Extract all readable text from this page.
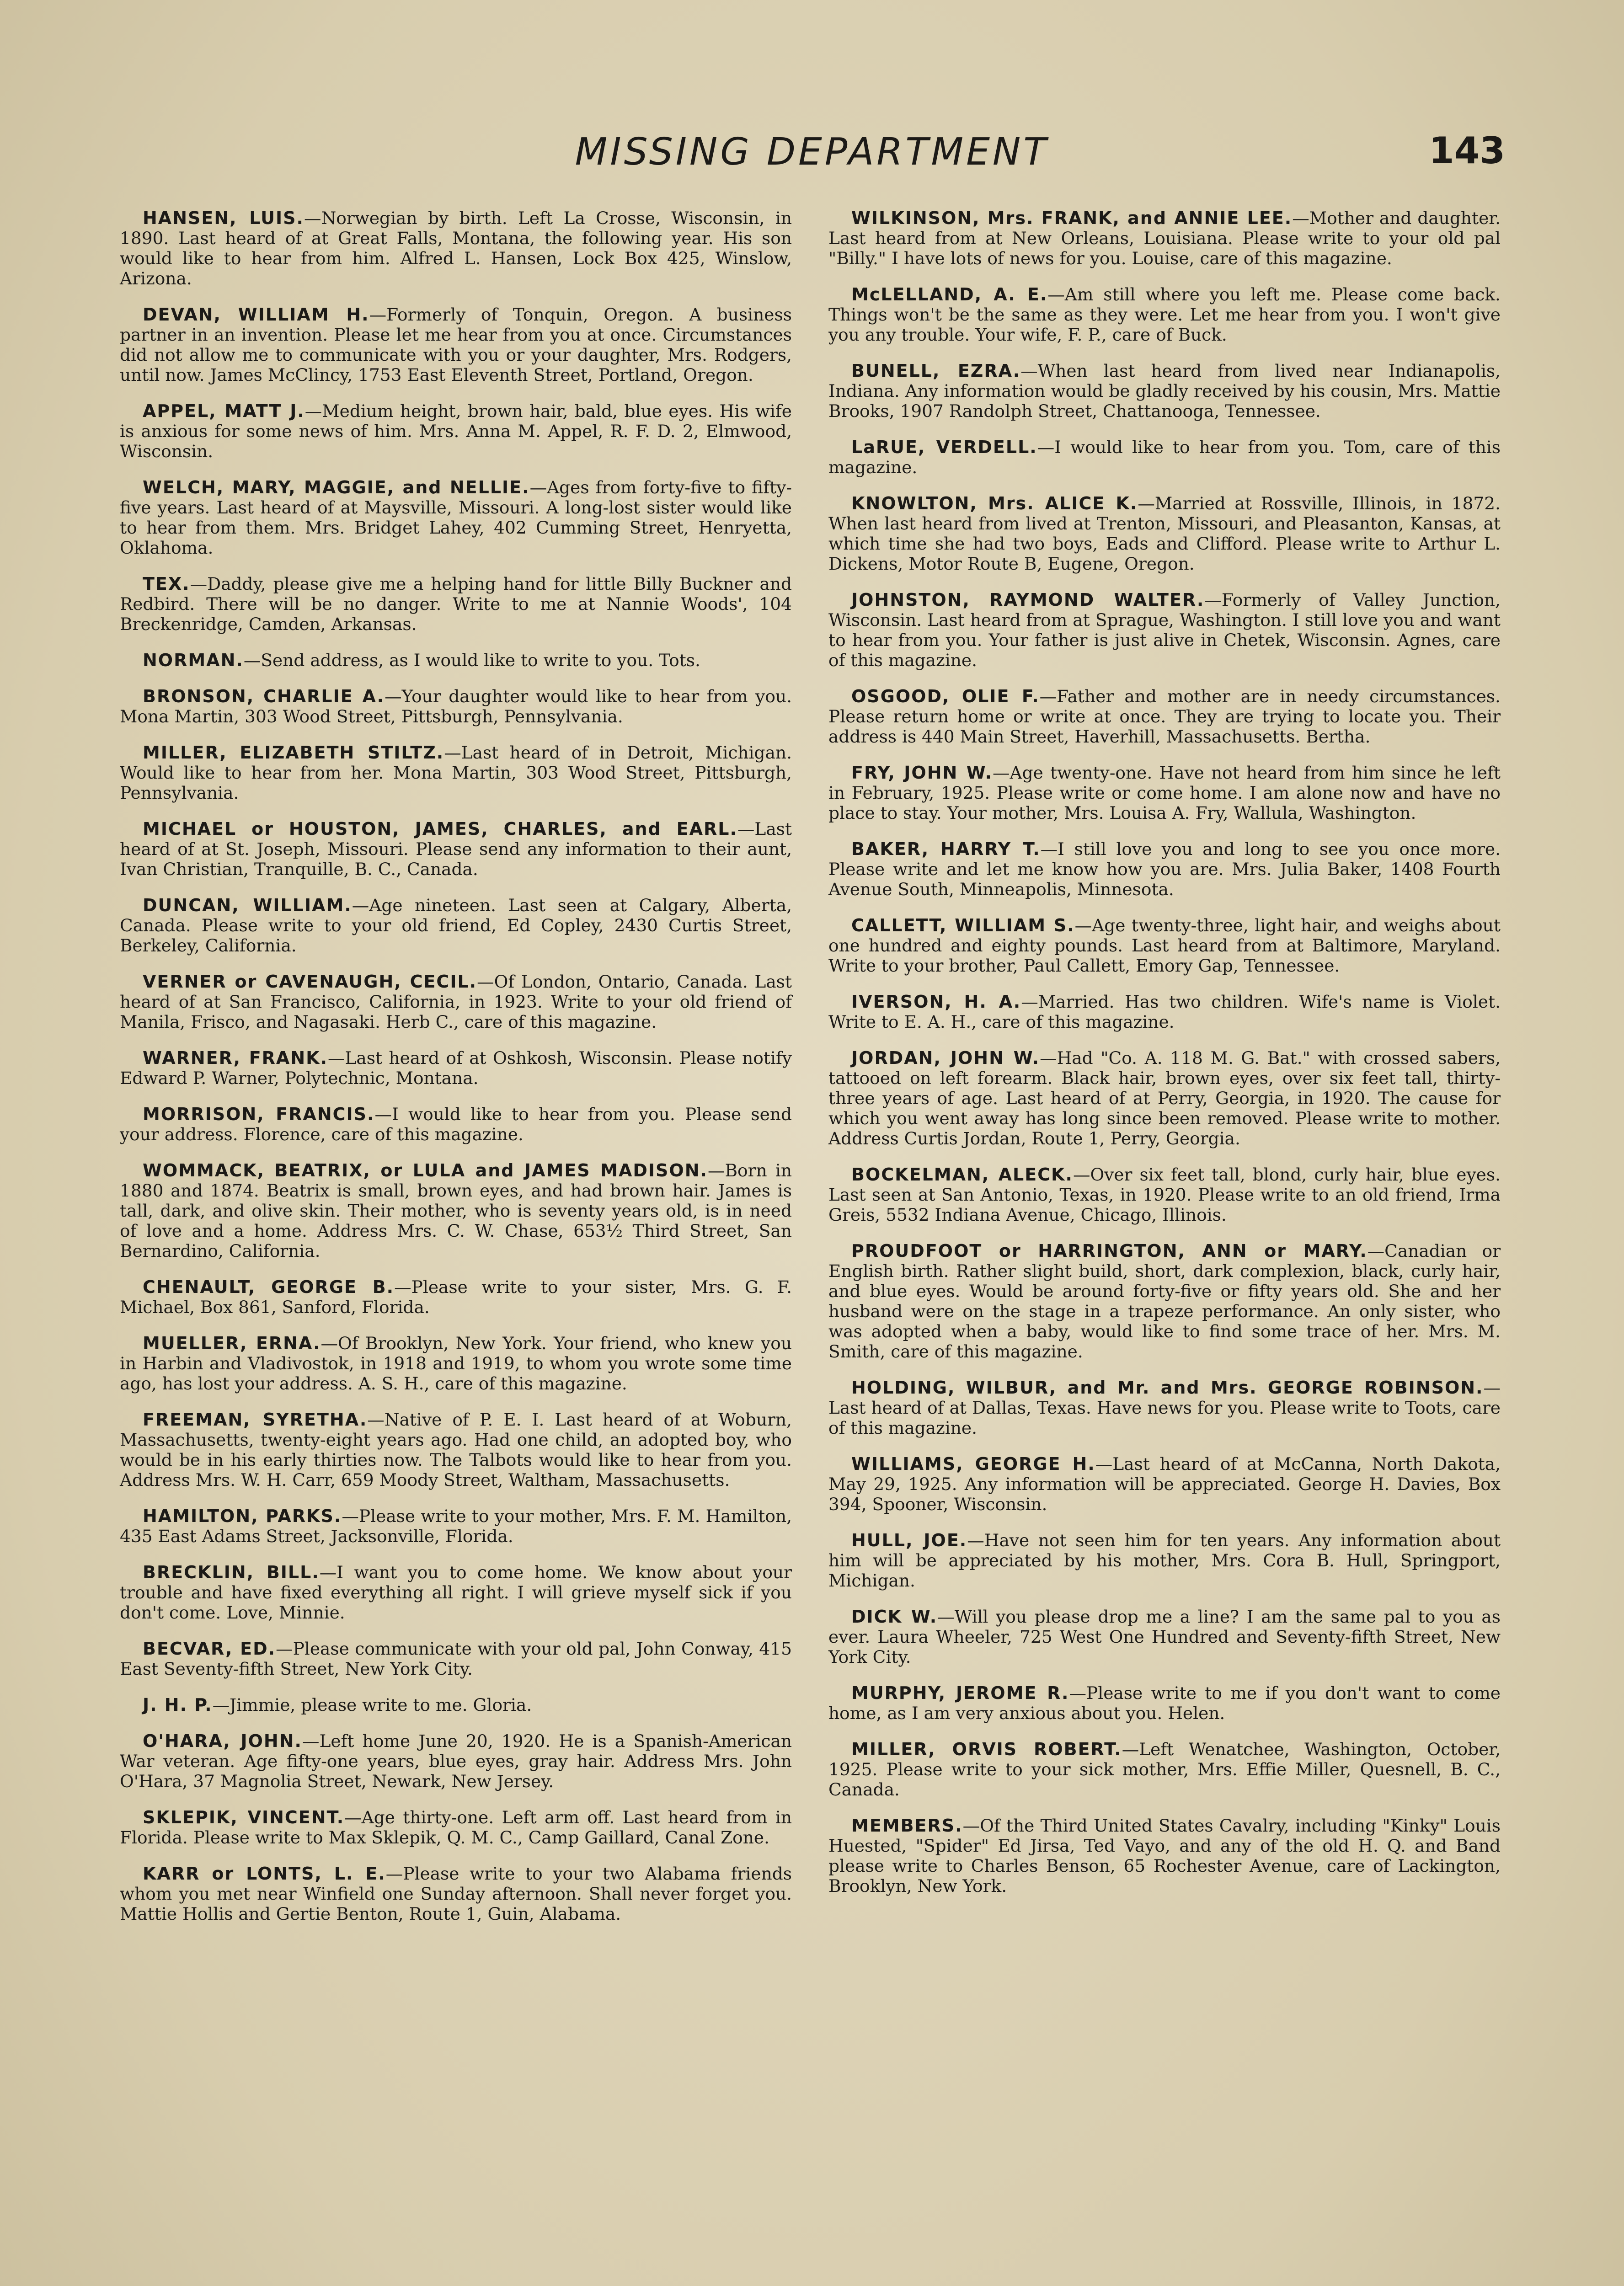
MISSING DEPARTMENT	143

HANSEN, LUIS.—Norwegian by birth. Left La Crosse, Wisconsin, in 1890. Last heard of at Great Falls, Montana, the following year. His son would like to hear from him. Alfred L. Hansen, Lock Box 425, Winslow, Arizona.

DEVAN, WILLIAM H.—Formerly of Tonquin, Oregon. A business partner in an invention. Please let me hear from you at once. Circumstances did not allow me to communicate with you or your daughter, Mrs. Rodgers, until now. James McClincy, 1753 East Eleventh Street, Portland, Oregon.

APPEL, MATT J.—Medium height, brown hair, bald, blue eyes. His wife is anxious for some news of him. Mrs. Anna M. Appel, R. F. D. 2, Elmwood, Wisconsin.

WELCH, MARY, MAGGIE, and NELLIE.—Ages from forty-five to fifty-five years. Last heard of at Maysville, Missouri. A long-lost sister would like to hear from them. Mrs. Bridget Lahey, 402 Cumming Street, Henryetta, Oklahoma.

TEX.—Daddy, please give me a helping hand for little Billy Buckner and Redbird. There will be no danger. Write to me at Nannie Woods', 104 Breckenridge, Camden, Arkansas.

NORMAN.—Send address, as I would like to write to you. Tots.

BRONSON, CHARLIE A.—Your daughter would like to hear from you. Mona Martin, 303 Wood Street, Pittsburgh, Pennsylvania.

MILLER, ELIZABETH STILTZ.—Last heard of in Detroit, Michigan. Would like to hear from her. Mona Martin, 303 Wood Street, Pittsburgh, Pennsylvania.

MICHAEL or HOUSTON, JAMES, CHARLES, and EARL.—Last heard of at St. Joseph, Missouri. Please send any information to their aunt, Ivan Christian, Tranquille, B. C., Canada.

DUNCAN, WILLIAM.—Age nineteen. Last seen at Calgary, Alberta, Canada. Please write to your old friend, Ed Copley, 2430 Curtis Street, Berkeley, California.

VERNER or CAVENAUGH, CECIL.—Of London, Ontario, Canada. Last heard of at San Francisco, California, in 1923. Write to your old friend of Manila, Frisco, and Nagasaki. Herb C., care of this magazine.

WARNER, FRANK.—Last heard of at Oshkosh, Wisconsin. Please notify Edward P. Warner, Polytechnic, Montana.

MORRISON, FRANCIS.—I would like to hear from you. Please send your address. Florence, care of this magazine.

WOMMACK, BEATRIX, or LULA and JAMES MADISON.—Born in 1880 and 1874. Beatrix is small, brown eyes, and had brown hair. James is tall, dark, and olive skin. Their mother, who is seventy years old, is in need of love and a home. Address Mrs. C. W. Chase, 653½ Third Street, San Bernardino, California.

CHENAULT, GEORGE B.—Please write to your sister, Mrs. G. F. Michael, Box 861, Sanford, Florida.

MUELLER, ERNA.—Of Brooklyn, New York. Your friend, who knew you in Harbin and Vladivostok, in 1918 and 1919, to whom you wrote some time ago, has lost your address. A. S. H., care of this magazine.

FREEMAN, SYRETHA.—Native of P. E. I. Last heard of at Woburn, Massachusetts, twenty-eight years ago. Had one child, an adopted boy, who would be in his early thirties now. The Talbots would like to hear from you. Address Mrs. W. H. Carr, 659 Moody Street, Waltham, Massachusetts.

HAMILTON, PARKS.—Please write to your mother, Mrs. F. M. Hamilton, 435 East Adams Street, Jacksonville, Florida.

BRECKLIN, BILL.—I want you to come home. We know about your trouble and have fixed everything all right. I will grieve myself sick if you don't come. Love, Minnie.

BECVAR, ED.—Please communicate with your old pal, John Conway, 415 East Seventy-fifth Street, New York City.

J. H. P.—Jimmie, please write to me. Gloria.

O'HARA, JOHN.—Left home June 20, 1920. He is a Spanish-American War veteran. Age fifty-one years, blue eyes, gray hair. Address Mrs. John O'Hara, 37 Magnolia Street, Newark, New Jersey.

SKLEPIK, VINCENT.—Age thirty-one. Left arm off. Last heard from in Florida. Please write to Max Sklepik, Q. M. C., Camp Gaillard, Canal Zone.

KARR or LONTS, L. E.—Please write to your two Alabama friends whom you met near Winfield one Sunday afternoon. Shall never forget you. Mattie Hollis and Gertie Benton, Route 1, Guin, Alabama.

WILKINSON, Mrs. FRANK, and ANNIE LEE.—Mother and daughter. Last heard from at New Orleans, Louisiana. Please write to your old pal "Billy." I have lots of news for you. Louise, care of this magazine.

McLELLAND, A. E.—Am still where you left me. Please come back. Things won't be the same as they were. Let me hear from you. I won't give you any trouble. Your wife, F. P., care of Buck.

BUNELL, EZRA.—When last heard from lived near Indianapolis, Indiana. Any information would be gladly received by his cousin, Mrs. Mattie Brooks, 1907 Randolph Street, Chattanooga, Tennessee.

LaRUE, VERDELL.—I would like to hear from you. Tom, care of this magazine.

KNOWLTON, Mrs. ALICE K.—Married at Rossville, Illinois, in 1872. When last heard from lived at Trenton, Missouri, and Pleasanton, Kansas, at which time she had two boys, Eads and Clifford. Please write to Arthur L. Dickens, Motor Route B, Eugene, Oregon.

JOHNSTON, RAYMOND WALTER.—Formerly of Valley Junction, Wisconsin. Last heard from at Sprague, Washington. I still love you and want to hear from you. Your father is just alive in Chetek, Wisconsin. Agnes, care of this magazine.

OSGOOD, OLIE F.—Father and mother are in needy circumstances. Please return home or write at once. They are trying to locate you. Their address is 440 Main Street, Haverhill, Massachusetts. Bertha.

FRY, JOHN W.—Age twenty-one. Have not heard from him since he left in February, 1925. Please write or come home. I am alone now and have no place to stay. Your mother, Mrs. Louisa A. Fry, Wallula, Washington.

BAKER, HARRY T.—I still love you and long to see you once more. Please write and let me know how you are. Mrs. Julia Baker, 1408 Fourth Avenue South, Minneapolis, Minnesota.

CALLETT, WILLIAM S.—Age twenty-three, light hair, and weighs about one hundred and eighty pounds. Last heard from at Baltimore, Maryland. Write to your brother, Paul Callett, Emory Gap, Tennessee.

IVERSON, H. A.—Married. Has two children. Wife's name is Violet. Write to E. A. H., care of this magazine.

JORDAN, JOHN W.—Had "Co. A. 118 M. G. Bat." with crossed sabers, tattooed on left forearm. Black hair, brown eyes, over six feet tall, thirty-three years of age. Last heard of at Perry, Georgia, in 1920. The cause for which you went away has long since been removed. Please write to mother. Address Curtis Jordan, Route 1, Perry, Georgia.

BOCKELMAN, ALECK.—Over six feet tall, blond, curly hair, blue eyes. Last seen at San Antonio, Texas, in 1920. Please write to an old friend, Irma Greis, 5532 Indiana Avenue, Chicago, Illinois.

PROUDFOOT or HARRINGTON, ANN or MARY.—Canadian or English birth. Rather slight build, short, dark complexion, black, curly hair, and blue eyes. Would be around forty-five or fifty years old. She and her husband were on the stage in a trapeze performance. An only sister, who was adopted when a baby, would like to find some trace of her. Mrs. M. Smith, care of this magazine.

HOLDING, WILBUR, and Mr. and Mrs. GEORGE ROBINSON.—Last heard of at Dallas, Texas. Have news for you. Please write to Toots, care of this magazine.

WILLIAMS, GEORGE H.—Last heard of at McCanna, North Dakota, May 29, 1925. Any information will be appreciated. George H. Davies, Box 394, Spooner, Wisconsin.

HULL, JOE.—Have not seen him for ten years. Any information about him will be appreciated by his mother, Mrs. Cora B. Hull, Springport, Michigan.

DICK W.—Will you please drop me a line? I am the same pal to you as ever. Laura Wheeler, 725 West One Hundred and Seventy-fifth Street, New York City.

MURPHY, JEROME R.—Please write to me if you don't want to come home, as I am very anxious about you. Helen.

MILLER, ORVIS ROBERT.—Left Wenatchee, Washington, October, 1925. Please write to your sick mother, Mrs. Effie Miller, Quesnell, B. C., Canada.

MEMBERS.—Of the Third United States Cavalry, including "Kinky" Louis Huested, "Spider" Ed Jirsa, Ted Vayo, and any of the old H. Q. and Band please write to Charles Benson, 65 Rochester Avenue, care of Lackington, Brooklyn, New York.
